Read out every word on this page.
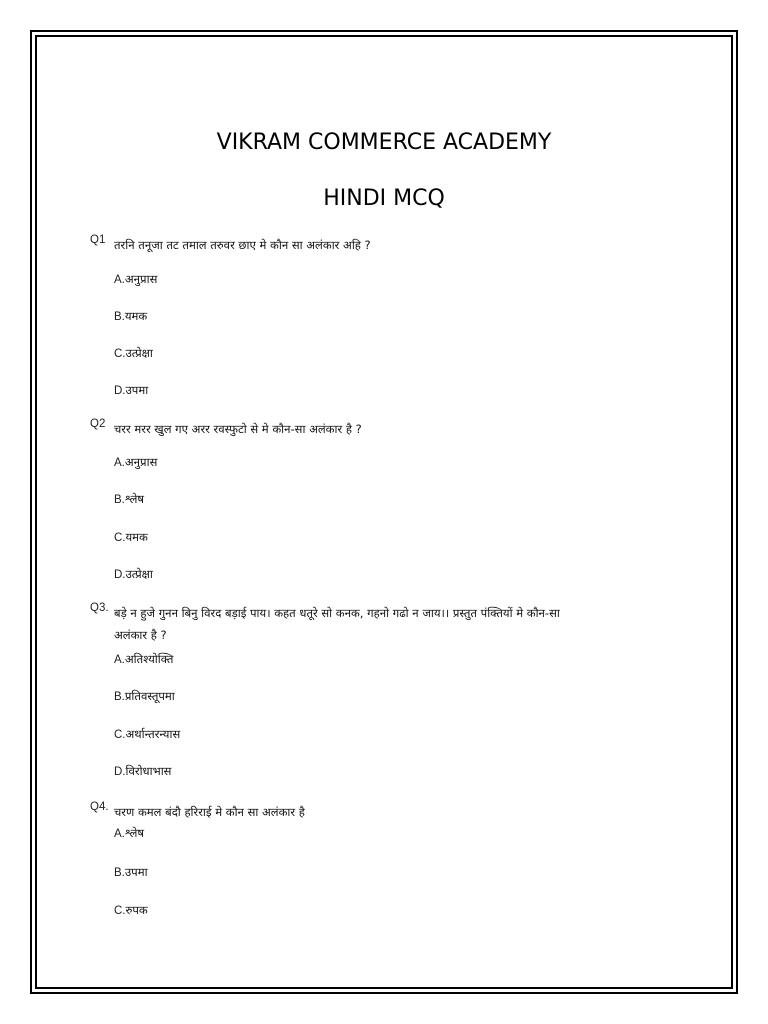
VIKRAM COMMERCE ACADEMY
HINDI MCQ
Q1 तरनि तनूजा तट तमाल तरुवर छाए मे कौन सा अलंकार अहि ?
A.अनुप्रास
B.यमक
C.उत्प्रेक्षा
D.उपमा
Q2 चरर मरर खुल गए अरर रवस्फुटो से मे कौन-सा अलंकार है ?
A.अनुप्रास
B.श्लेष
C.यमक
D.उत्प्रेक्षा
Q3. बड़े न हुजे गुनन बिनु विरद बड़ाई पाय। कहत धतूरे सो कनक, गहनो गढो न जाय।। प्रस्तुत पंक्तियों मे कौन-सा
अलंकार है ?
A.अतिश्योक्ति
B.प्रतिवस्तूपमा
C.अर्थान्तरन्यास
D.विरोधाभास
Q4. चरण कमल बंदौ हरिराई मे कौन सा अलंकार है
A.श्लेष
B.उपमा
C.रुपक
